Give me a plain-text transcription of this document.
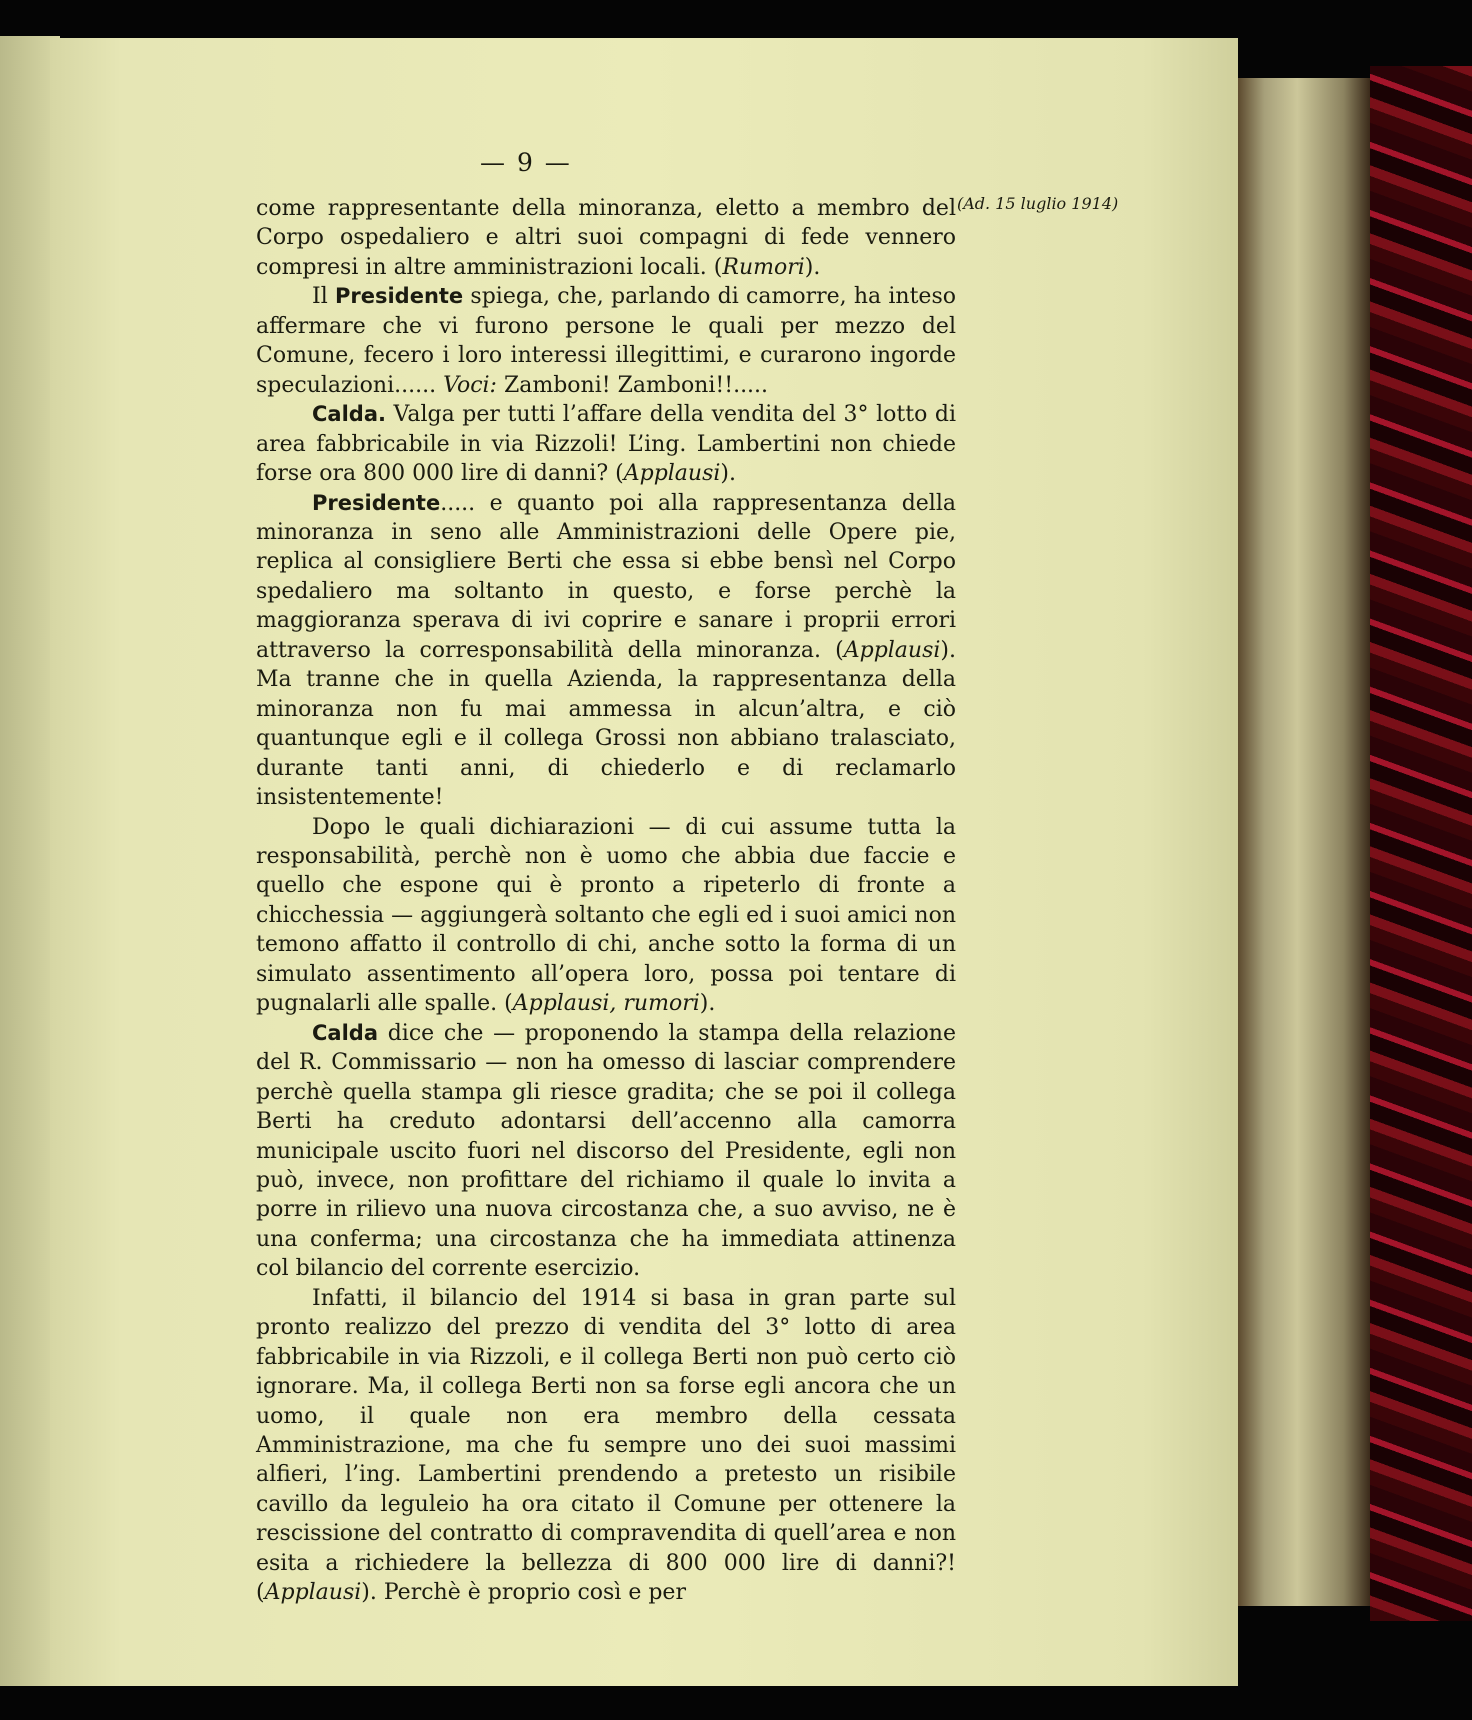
— 9 —
(Ad. 15 luglio 1914)

come rappresentante della minoranza, eletto a membro del Corpo ospedaliero e altri suoi compagni di fede vennero compresi in altre amministrazioni locali. (Rumori).

Il Presidente spiega, che, parlando di camorre, ha inteso affermare che vi furono persone le quali per mezzo del Comune, fecero i loro interessi illegittimi, e curarono ingorde speculazioni...... Voci: Zamboni! Zamboni!!.....

Calda. Valga per tutti l’affare della vendita del 3° lotto di area fabbricabile in via Rizzoli! L’ing. Lambertini non chiede forse ora 800 000 lire di danni? (Applausi).

Presidente..... e quanto poi alla rappresentanza della minoranza in seno alle Amministrazioni delle Opere pie, replica al consigliere Berti che essa si ebbe bensì nel Corpo spedaliero ma soltanto in questo, e forse perchè la maggioranza sperava di ivi coprire e sanare i proprii errori attraverso la corresponsabilità della minoranza. (Applausi). Ma tranne che in quella Azienda, la rappresentanza della minoranza non fu mai ammessa in alcun’altra, e ciò quantunque egli e il collega Grossi non abbiano tralasciato, durante tanti anni, di chiederlo e di reclamarlo insistentemente!

Dopo le quali dichiarazioni — di cui assume tutta la responsabilità, perchè non è uomo che abbia due faccie e quello che espone qui è pronto a ripeterlo di fronte a chicchessia — aggiungerà soltanto che egli ed i suoi amici non temono affatto il controllo di chi, anche sotto la forma di un simulato assentimento all’opera loro, possa poi tentare di pugnalarli alle spalle. (Applausi, rumori).

Calda dice che — proponendo la stampa della relazione del R. Commissario — non ha omesso di lasciar comprendere perchè quella stampa gli riesce gradita; che se poi il collega Berti ha creduto adontarsi dell’accenno alla camorra municipale uscito fuori nel discorso del Presidente, egli non può, invece, non profittare del richiamo il quale lo invita a porre in rilievo una nuova circostanza che, a suo avviso, ne è una conferma; una circostanza che ha immediata attinenza col bilancio del corrente esercizio.

Infatti, il bilancio del 1914 si basa in gran parte sul pronto realizzo del prezzo di vendita del 3° lotto di area fabbricabile in via Rizzoli, e il collega Berti non può certo ciò ignorare. Ma, il collega Berti non sa forse egli ancora che un uomo, il quale non era membro della cessata Amministrazione, ma che fu sempre uno dei suoi massimi alfieri, l’ing. Lambertini prendendo a pretesto un risibile cavillo da leguleio ha ora citato il Comune per ottenere la rescissione del contratto di compravendita di quell’area e non esita a richiedere la bellezza di 800 000 lire di danni?! (Applausi). Perchè è proprio così e per
